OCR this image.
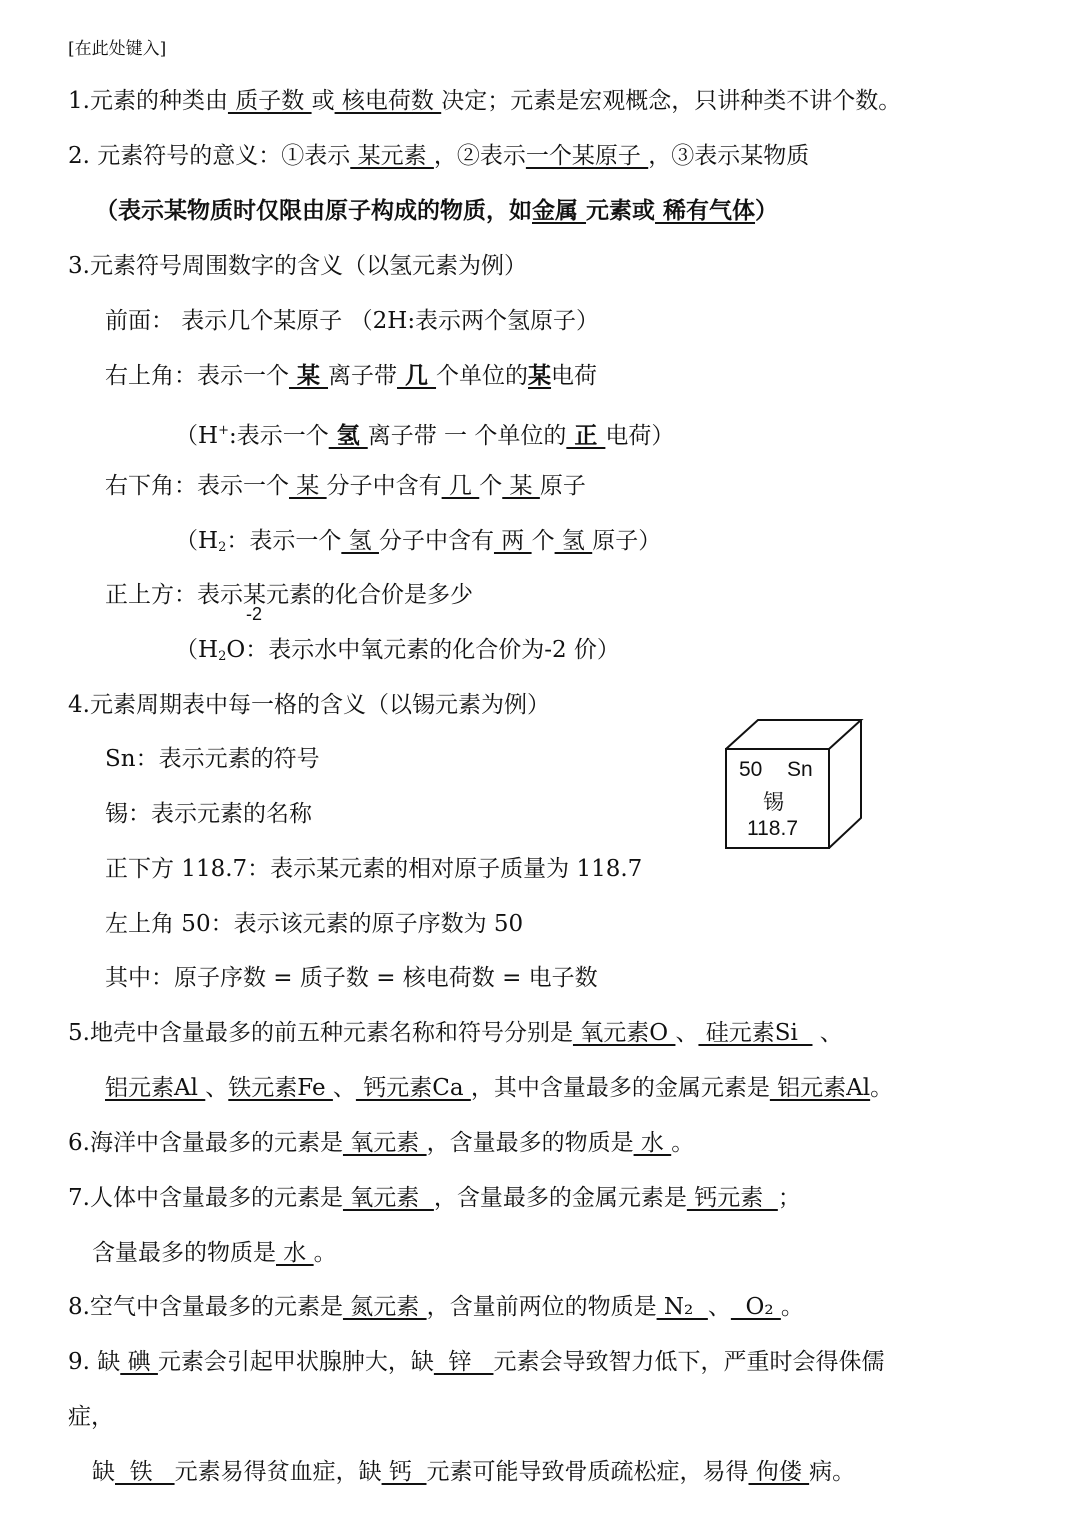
[在此处键入]
1.元素的种类由 质子数 或 核电荷数 决定；元素是宏观概念，只讲种类不讲个数。
2. 元素符号的意义：①表示 某元素 ，②表示一个某原子 ，③表示某物质
（表示某物质时仅限由原子构成的物质，如金属 元素或 稀有气体）
3.元素符号周围数字的含义（以氢元素为例）
前面： 表示几个某原子 （2H:表示两个氢原子）
右上角：表示一个 某 离子带 几 个单位的某电荷
（H+:表示一个 氢 离子带 一 个单位的 正 电荷）
右下角：表示一个 某 分子中含有 几 个 某 原子
（$H_2$：表示一个 氢 分子中含有 两 个 氢 原子）
正上方：表示某元素的化合价是多少
-2
（$H_2O$：表示水中氧元素的化合价为-2 价）
4.元素周期表中每一格的含义（以锡元素为例）
Sn：表示元素的符号
锡：表示元素的名称
正下方 118.7：表示某元素的相对原子质量为 118.7
左上角 50：表示该元素的原子序数为 50
其中：原子序数 = 质子数 = 核电荷数 = 电子数
50 Sn
锡
118.7
5.地壳中含量最多的前五种元素名称和符号分别是 氧元素O 、 硅元素Si   、
铝元素Al 、铁元素Fe 、 钙元素Ca ，其中含量最多的金属元素是 铝元素Al。
6.海洋中含量最多的元素是 氧元素 ，含量最多的物质是 水 。
7.人体中含量最多的元素是 氧元素  ，含量最多的金属元素是 钙元素  ；
含量最多的物质是 水 。
8.空气中含量最多的元素是 氮元素 ，含量前两位的物质是 N₂  、  O₂ 。
9. 缺 碘 元素会引起甲状腺肿大，缺  锌   元素会导致智力低下，严重时会得侏儒
症，
缺  铁   元素易得贫血症，缺 钙  元素可能导致骨质疏松症，易得 佝偻 病。
